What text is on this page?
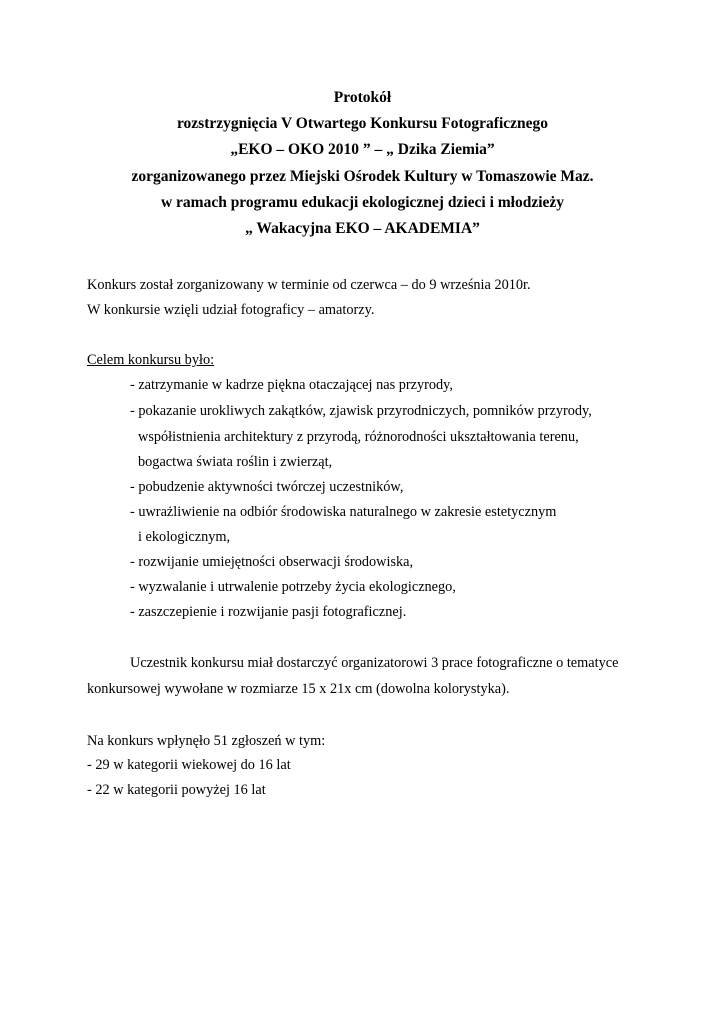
Protokół
rozstrzygnięcia V Otwartego Konkursu Fotograficznego
„EKO – OKO 2010 ” – „ Dzika Ziemia”
zorganizowanego przez Miejski Ośrodek Kultury w Tomaszowie Maz.
w ramach programu edukacji ekologicznej dzieci i młodzieży
„ Wakacyjna EKO – AKADEMIA”
Konkurs został zorganizowany w terminie od czerwca – do 9 września 2010r.
W konkursie wzięli udział fotograficy – amatorzy.
Celem konkursu było:
- zatrzymanie w kadrze piękna otaczającej nas przyrody,
- pokazanie urokliwych zakątków, zjawisk przyrodniczych, pomników przyrody,
współistnienia architektury z przyrodą, różnorodności ukształtowania terenu,
bogactwa świata roślin i zwierząt,
- pobudzenie aktywności twórczej uczestników,
- uwrażliwienie na odbiór środowiska naturalnego w zakresie estetycznym
i ekologicznym,
- rozwijanie umiejętności obserwacji środowiska,
- wyzwalanie i utrwalenie potrzeby życia ekologicznego,
- zaszczepienie i rozwijanie pasji fotograficznej.
Uczestnik konkursu miał dostarczyć organizatorowi 3 prace fotograficzne o tematyce
konkursowej wywołane w rozmiarze 15 x 21x cm (dowolna kolorystyka).
Na konkurs wpłynęło 51 zgłoszeń w tym:
- 29 w kategorii wiekowej do 16 lat
- 22 w kategorii powyżej 16 lat
